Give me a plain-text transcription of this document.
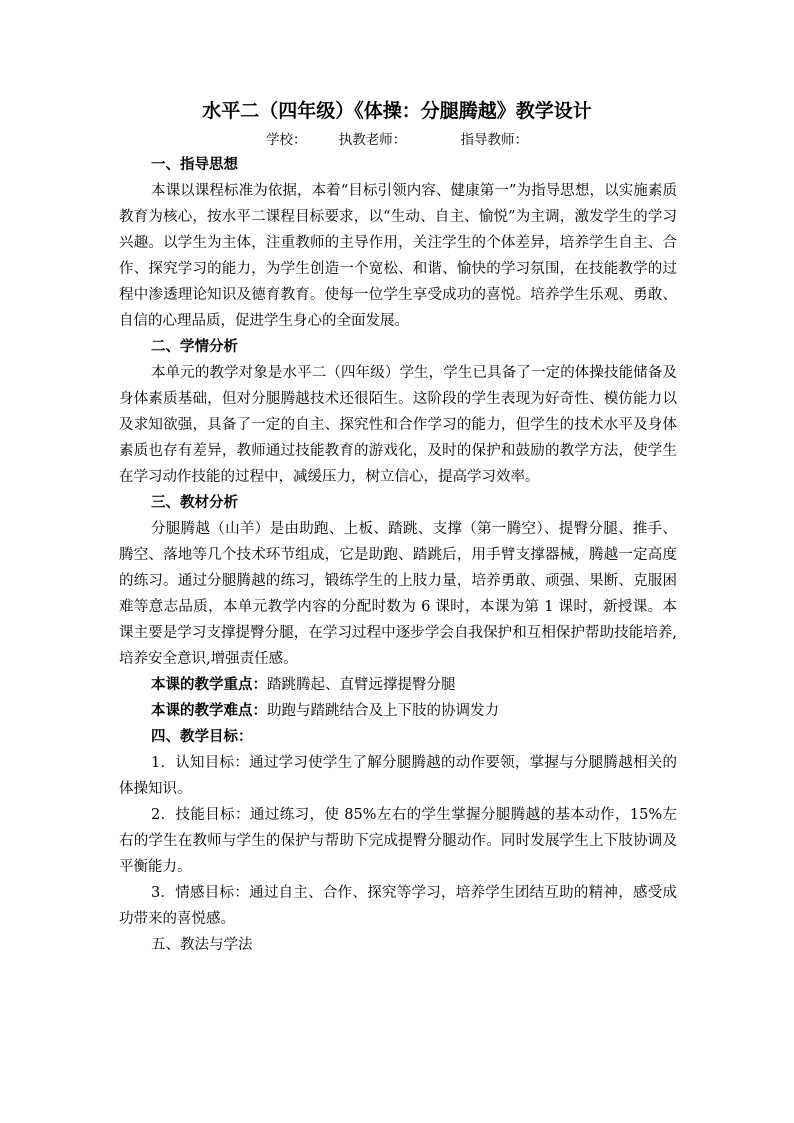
水平二（四年级）《体操：分腿腾越》教学设计
学校： 执教老师：	指导教师：
一、指导思想

本课以课程标准为依据，本着“目标引领内容、健康第一”为指导思想，以实施素质教育为核心，按水平二课程目标要求，以“生动、自主、愉悦”为主调，激发学生的学习兴趣。以学生为主体，注重教师的主导作用，关注学生的个体差异，培养学生自主、合作、探究学习的能力，为学生创造一个宽松、和谐、愉快的学习氛围，在技能教学的过程中渗透理论知识及德育教育。使每一位学生享受成功的喜悦。培养学生乐观、勇敢、自信的心理品质，促进学生身心的全面发展。

二、学情分析

本单元的教学对象是水平二（四年级）学生，学生已具备了一定的体操技能储备及身体素质基础，但对分腿腾越技术还很陌生。这阶段的学生表现为好奇性、模仿能力以及求知欲强，具备了一定的自主、探究性和合作学习的能力，但学生的技术水平及身体素质也存有差异，教师通过技能教育的游戏化，及时的保护和鼓励的教学方法，使学生在学习动作技能的过程中，减缓压力，树立信心，提高学习效率。

三、教材分析

分腿腾越（山羊）是由助跑、上板、踏跳、支撑（第一腾空）、提臀分腿、推手、腾空、落地等几个技术环节组成，它是助跑、踏跳后，用手臂支撑器械，腾越一定高度的练习。通过分腿腾越的练习，锻练学生的上肢力量，培养勇敢、顽强、果断、克服困难等意志品质，本单元教学内容的分配时数为 6 课时，本课为第 1 课时，新授课。本课主要是学习支撑提臀分腿，在学习过程中逐步学会自我保护和互相保护帮助技能培养,培养安全意识,增强责任感。

本课的教学重点：踏跳腾起、直臂远撑提臀分腿
本课的教学难点：助跑与踏跳结合及上下肢的协调发力
四、教学目标：

1．认知目标：通过学习使学生了解分腿腾越的动作要领，掌握与分腿腾越相关的体操知识。

2．技能目标：通过练习，使 85%左右的学生掌握分腿腾越的基本动作，15%左右的学生在教师与学生的保护与帮助下完成提臀分腿动作。同时发展学生上下肢协调及平衡能力。

3．情感目标：通过自主、合作、探究等学习，培养学生团结互助的精神，感受成功带来的喜悦感。

五、教法与学法
